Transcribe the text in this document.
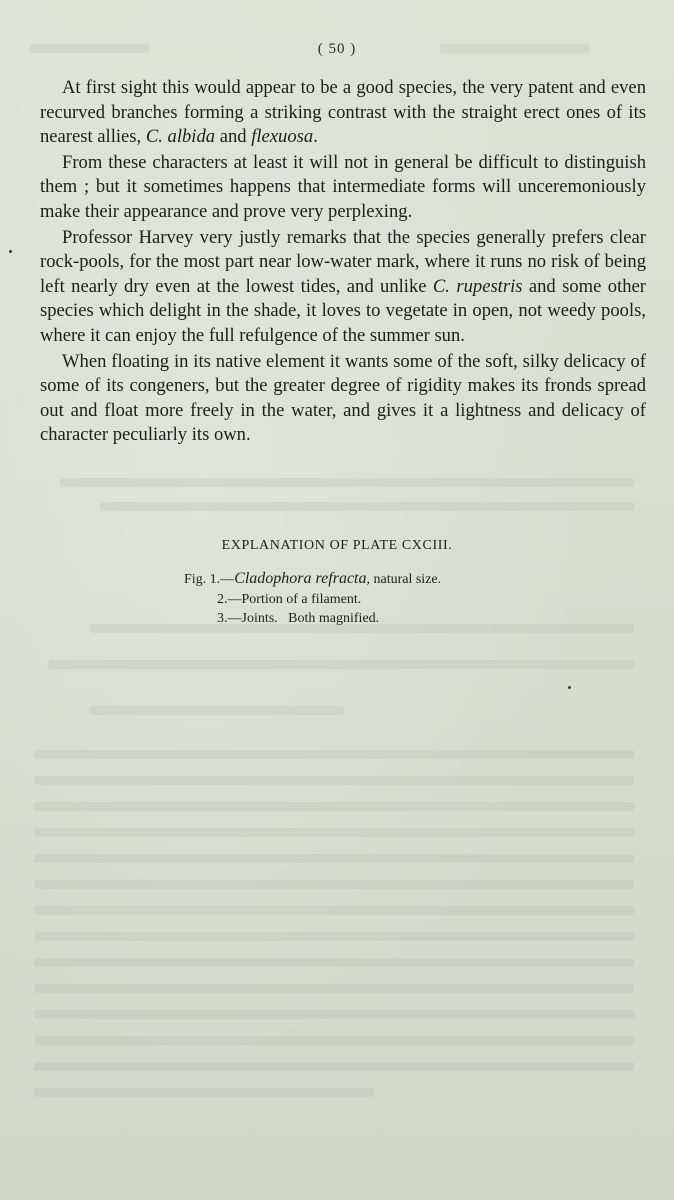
( 50 )

At first sight this would appear to be a good species, the very patent and even recurved branches forming a striking contrast with the straight erect ones of its nearest allies, C. albida and flexuosa.

From these characters at least it will not in general be difficult to distinguish them ; but it sometimes happens that intermediate forms will unceremoniously make their appearance and prove very perplexing.

Professor Harvey very justly remarks that the species generally prefers clear rock-pools, for the most part near low-water mark, where it runs no risk of being left nearly dry even at the lowest tides, and unlike C. rupestris and some other species which delight in the shade, it loves to vegetate in open, not weedy pools, where it can enjoy the full refulgence of the summer sun.

When floating in its native element it wants some of the soft, silky delicacy of some of its congeners, but the greater degree of rigidity makes its fronds spread out and float more freely in the water, and gives it a lightness and delicacy of character peculiarly its own.

EXPLANATION OF PLATE CXCIII.
Fig. 1.—Cladophora refracta, natural size.
2.—Portion of a filament.
3.—Joints.   Both magnified.
